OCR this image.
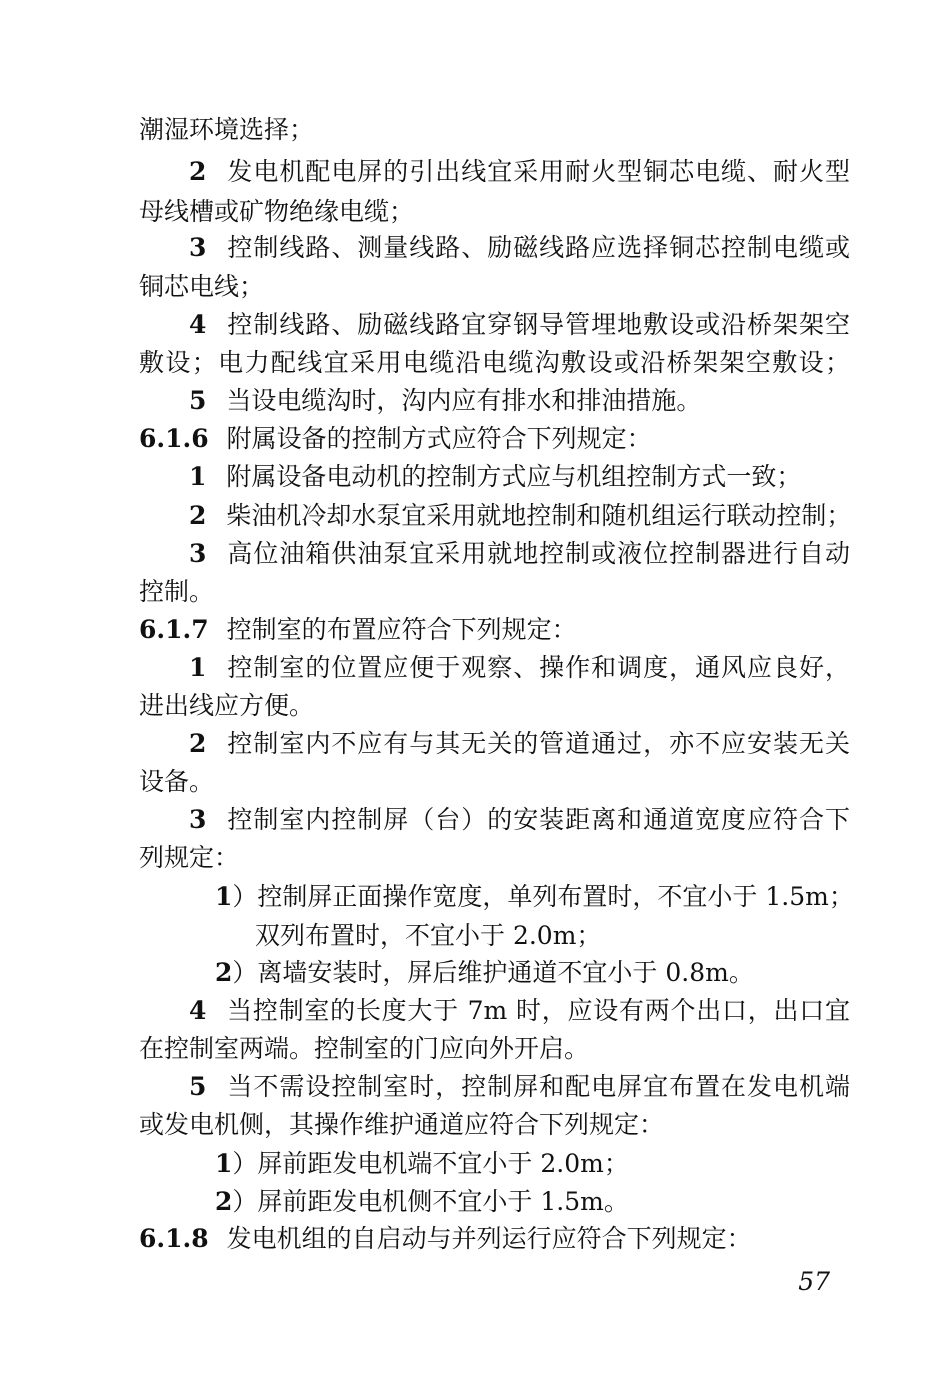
潮湿环境选择；
2 发电机配电屏的引出线宜采用耐火型铜芯电缆、耐火型
母线槽或矿物绝缘电缆；
3 控制线路、测量线路、励磁线路应选择铜芯控制电缆或
铜芯电线；
4 控制线路、励磁线路宜穿钢导管埋地敷设或沿桥架架空
敷设；电力配线宜采用电缆沿电缆沟敷设或沿桥架架空敷设；
5 当设电缆沟时，沟内应有排水和排油措施。
6.1.6 附属设备的控制方式应符合下列规定：
1 附属设备电动机的控制方式应与机组控制方式一致；
2 柴油机冷却水泵宜采用就地控制和随机组运行联动控制；
3 高位油箱供油泵宜采用就地控制或液位控制器进行自动
控制。
6.1.7 控制室的布置应符合下列规定：
1 控制室的位置应便于观察、操作和调度，通风应良好，
进出线应方便。
2 控制室内不应有与其无关的管道通过，亦不应安装无关
设备。
3 控制室内控制屏（台）的安装距离和通道宽度应符合下
列规定：
1）控制屏正面操作宽度，单列布置时，不宜小于 1.5m；
双列布置时，不宜小于 2.0m；
2）离墙安装时，屏后维护通道不宜小于 0.8m。
4 当控制室的长度大于 7m 时，应设有两个出口，出口宜
在控制室两端。控制室的门应向外开启。
5 当不需设控制室时，控制屏和配电屏宜布置在发电机端
或发电机侧，其操作维护通道应符合下列规定：
1）屏前距发电机端不宜小于 2.0m；
2）屏前距发电机侧不宜小于 1.5m。
6.1.8 发电机组的自启动与并列运行应符合下列规定：
57
